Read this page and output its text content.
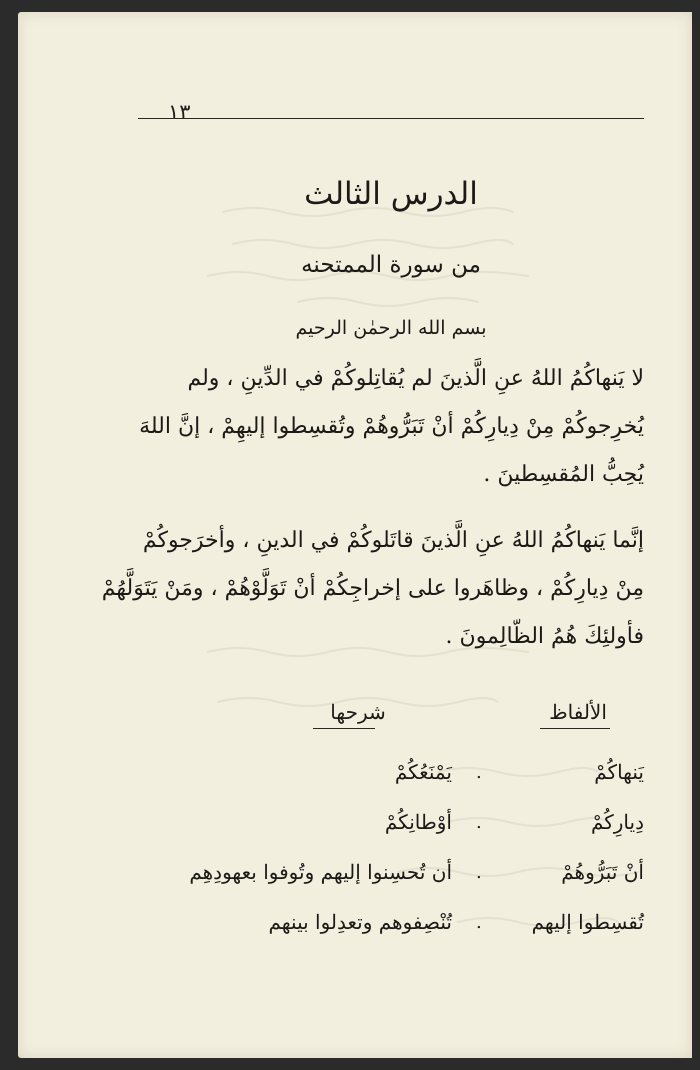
١٣
الدرس الثالث
من سورة الممتحنه
بسم الله الرحمٰن الرحيم
لا يَنهاكُمُ اللهُ عنِ الَّذينَ لم يُقاتِلوكُمْ في الدِّينِ ، ولم
يُخرِجوكُمْ مِنْ دِيارِكُمْ أنْ تَبَرُّوهُمْ وتُقسِطوا إليهِمْ ، إنَّ اللهَ
يُحِبُّ المُقسِطينَ .
إنَّما يَنهاكُمُ اللهُ عنِ الَّذينَ قاتَلوكُمْ في الدينِ ، وأخرَجوكُمْ
مِنْ دِيارِكُمْ ، وظاهَروا على إخراجِكُمْ أنْ تَوَلَّوْهُمْ ، ومَنْ يَتَوَلَّهُمْ
فأولئِكَ هُمُ الظّالِمونَ .
الألفاظ
شرحها
يَنهاكُمْ
.
يَمْنَعُكُمْ
دِيارِكُمْ
.
أوْطانِكُمْ
أنْ تَبَرُّوهُمْ
.
أن تُحسِنوا إليهم وتُوفوا بعهودِهِم
تُقسِطوا إليهم
.
تُنْصِفوهم وتعدِلوا بينهم
